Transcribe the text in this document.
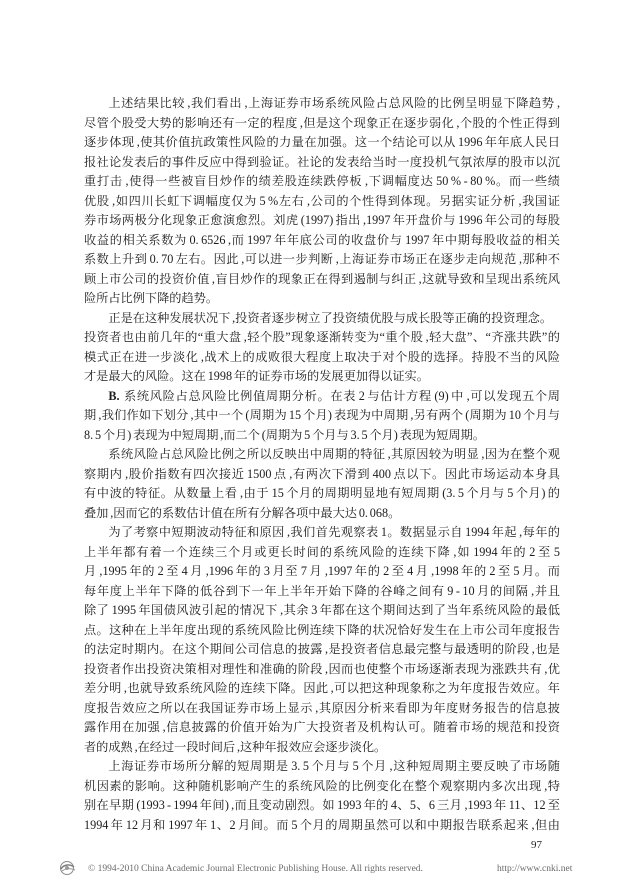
上述结果比较 ,我们看出 ,上海证券市场系统风险占总风险的比例呈明显下降趋势 ,
尽管个股受大势的影响还有一定的程度 ,但是这个现象正在逐步弱化 ,个股的个性正得到
逐步体现 ,使其价值抗政策性风险的力量在加强。这一个结论可以从 1996 年年底人民日
报社论发表后的事件反应中得到验证。社论的发表给当时一度投机气氛浓厚的股市以沉
重打击 ,使得一些被盲目炒作的绩差股连续跌停板 ,下调幅度达 50 % - 80 %。而一些绩
优股 ,如四川长虹下调幅度仅为 5 %左右 ,公司的个性得到体现。另据实证分析 ,我国证
券市场两极分化现象正愈演愈烈。刘虎 (1997) 指出 ,1997 年开盘价与 1996 年公司的每股
收益的相关系数为 0. 6526 ,而 1997 年年底公司的收盘价与 1997 年中期每股收益的相关
系数上升到 0. 70 左右。因此 ,可以进一步判断 ,上海证券市场正在逐步走向规范 ,那种不
顾上市公司的投资价值 ,盲目炒作的现象正在得到遏制与纠正 ,这就导致和呈现出系统风
险所占比例下降的趋势。
正是在这种发展状况下 ,投资者逐步树立了投资绩优股与成长股等正确的投资理念。
投资者也由前几年的“重大盘 ,轻个股”现象逐渐转变为“重个股 ,轻大盘”、“齐涨共跌”的
模式正在进一步淡化 ,战术上的成败很大程度上取决于对个股的选择。持股不当的风险
才是最大的风险。这在 1998 年的证券市场的发展更加得以证实。
B. 系统风险占总风险比例值周期分析。在表 2 与估计方程 (9) 中 ,可以发现五个周
期 ,我们作如下划分 ,其中一个 (周期为 15 个月) 表现为中周期 ,另有两个 (周期为 10 个月与
8. 5 个月) 表现为中短周期 ,而二个 (周期为 5 个月与 3. 5 个月) 表现为短周期。
系统风险占总风险比例之所以反映出中周期的特征 ,其原因较为明显 ,因为在整个观
察期内 ,股价指数有四次接近 1500 点 ,有两次下滑到 400 点以下。因此市场运动本身具
有中波的特征。从数量上看 ,由于 15 个月的周期明显地有短周期 (3. 5 个月与 5 个月) 的
叠加 ,因而它的系数估计值在所有分解各项中最大达 0. 068。
为了考察中短期波动特征和原因 ,我们首先观察表 1。数据显示自 1994 年起 ,每年的
上半年都有着一个连续三个月或更长时间的系统风险的连续下降 ,如 1994 年的 2 至 5
月 ,1995 年的 2 至 4 月 ,1996 年的 3 月至 7 月 ,1997 年的 2 至 4 月 ,1998 年的 2 至 5 月。而
每年度上半年下降的低谷到下一年上半年开始下降的谷峰之间有 9 - 10 月的间隔 ,并且
除了 1995 年国债风波引起的情况下 ,其余 3 年都在这个期间达到了当年系统风险的最低
点。这种在上半年度出现的系统风险比例连续下降的状况恰好发生在上市公司年度报告
的法定时期内。在这个期间公司信息的披露 ,是投资者信息最完整与最透明的阶段 ,也是
投资者作出投资决策相对理性和准确的阶段 ,因而也使整个市场逐渐表现为涨跌共有 ,优
差分明 ,也就导致系统风险的连续下降。因此 ,可以把这种现象称之为年度报告效应。年
度报告效应之所以在我国证券市场上显示 ,其原因分析来看即为年度财务报告的信息披
露作用在加强 ,信息披露的价值开始为广大投资者及机构认可。随着市场的规范和投资
者的成熟 ,在经过一段时间后 ,这种年报效应会逐步淡化。
上海证券市场所分解的短周期是 3. 5 个月与 5 个月 ,这种短周期主要反映了市场随
机因素的影响。这种随机影响产生的系统风险的比例变化在整个观察期内多次出现 ,特
别在早期 (1993 - 1994 年间) ,而且变动剧烈。如 1993 年的 4、5、6 三月 ,1993 年 11、12 至
1994 年 12 月和 1997 年 1、2 月间。而 5 个月的周期虽然可以和中期报告联系起来 ,但由
97
© 1994-2010 China Academic Journal Electronic Publishing House. All rights reserved.	http://www.cnki.net
